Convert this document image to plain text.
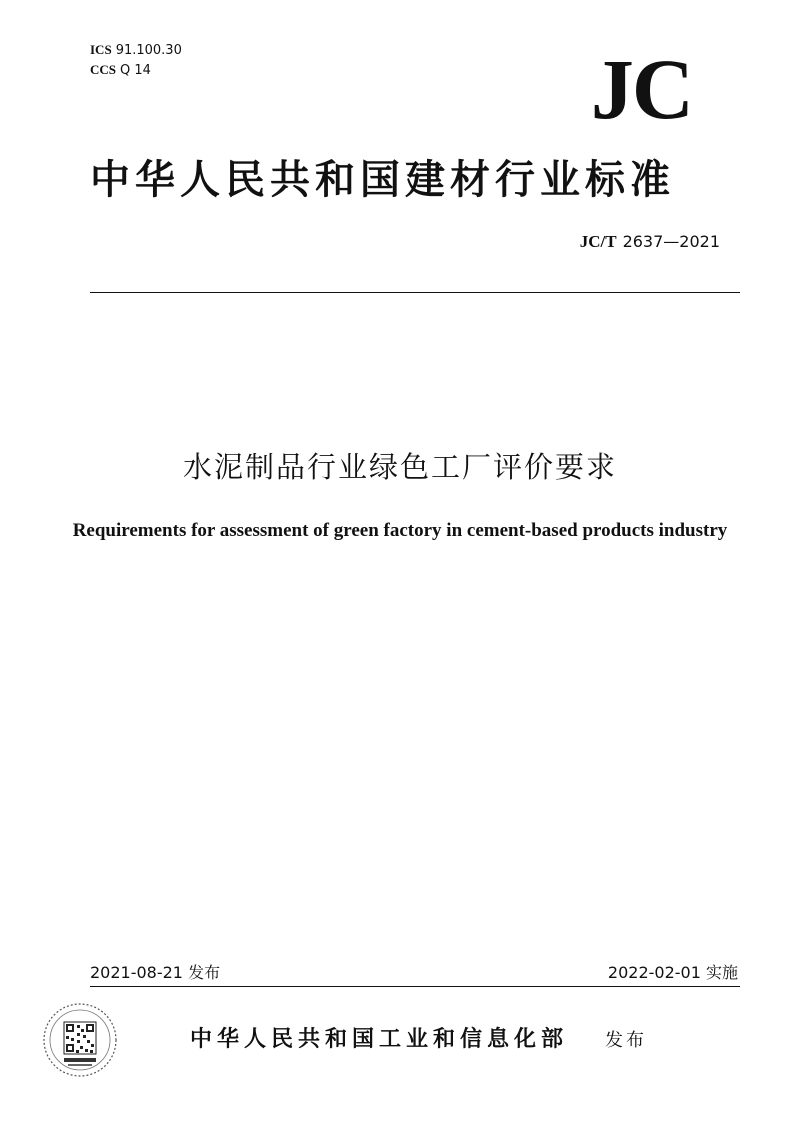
ICS 91.100.30
CCS Q 14	JC
中华人民共和国建材行业标准
JC/T 2637—2021
水泥制品行业绿色工厂评价要求
Requirements for assessment of green factory in cement-based products industry
2021-08-21 发布	2022-02-01 实施
中华人民共和国工业和信息化部 发布
